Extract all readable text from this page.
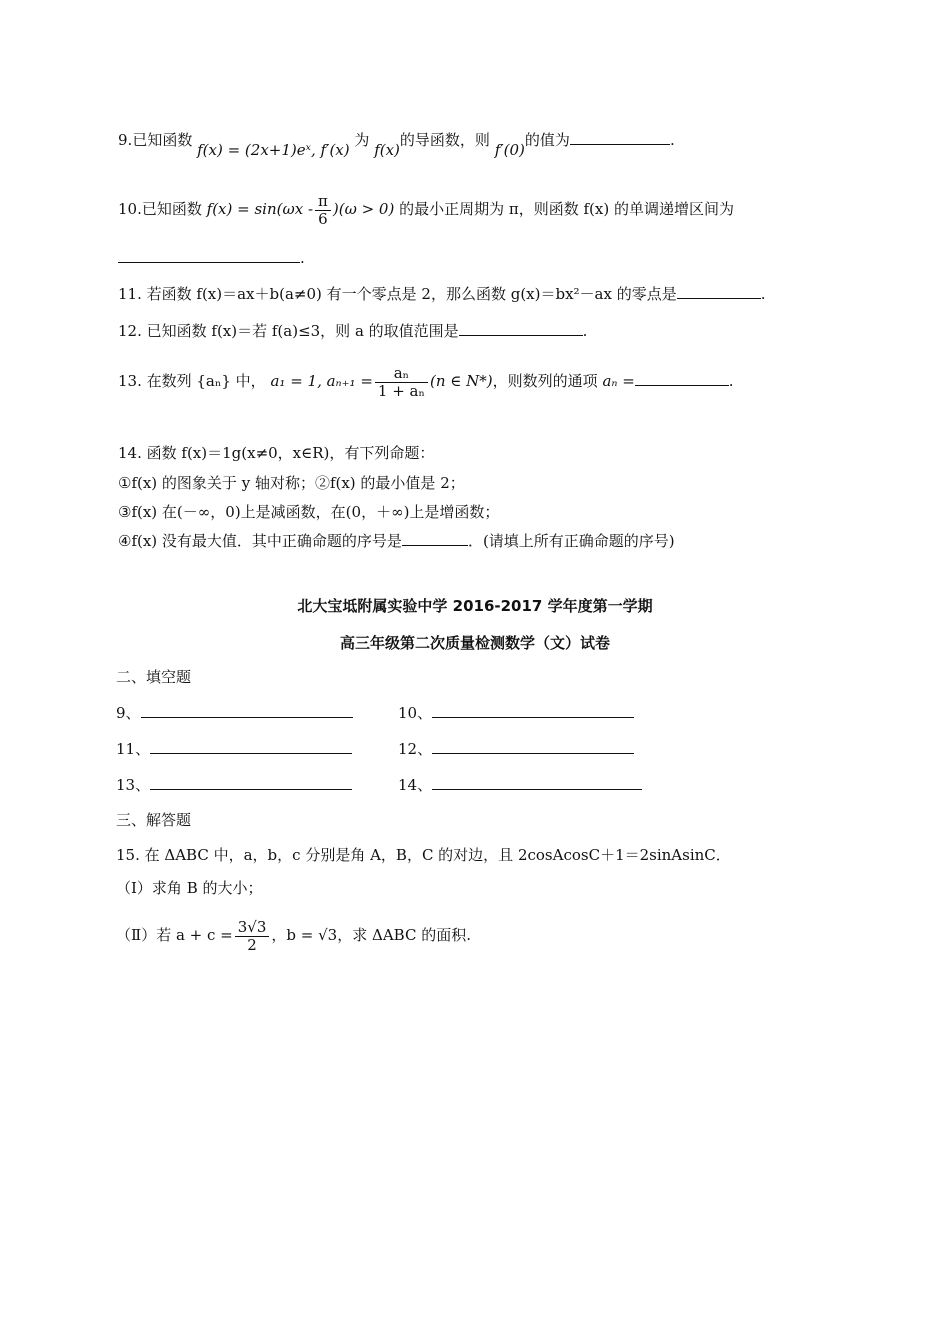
9.已知函数 f(x) = (2x+1)eˣ, f′(x) 为 f(x)的导函数，则 f′(0)的值为	.
10.已知函数 $f(x) = \sin(\omega x - \frac{\pi}{6} )(\omega > 0)$ 的最小正周期为 π，则函数 f(x) 的单调递增区间为
.
11. 若函数 f(x)＝ax＋b(a≠0) 有一个零点是 2，那么函数 g(x)＝bx²－ax 的零点是	.
12. 已知函数 f(x)＝若 f(a)≤3，则 a 的取值范围是	.
13. 在数列 {aₙ} 中， a₁ = 1, $a_{n+1} = \frac{\text{aₙ}}{\text{1 + aₙ}} (n$ ∈ N*)，则数列的通项 aₙ =	.
14. 函数 f(x)＝1g(x≠0，x∈R)，有下列命题：
①f(x) 的图象关于 y 轴对称；②f(x) 的最小值是 2；
③f(x) 在(－∞，0)上是减函数，在(0，＋∞)上是增函数；
④f(x) 没有最大值．其中正确命题的序号是	．(请填上所有正确命题的序号)
北大宝坻附属实验中学 2016-2017 学年度第一学期
高三年级第二次质量检测数学（文）试卷
二、填空题
9、	10、
11、	12、
13、	14、
三、解答题
15. 在 ΔABC 中，a，b，c 分别是角 A，B，C 的对边，且 2cosAcosC＋1＝2sinAsinC．
（Ⅰ）求角 B 的大小；
（Ⅱ）若 $a + c = \frac{3√3}{2}$ ，b = √3，求 ΔABC 的面积.
